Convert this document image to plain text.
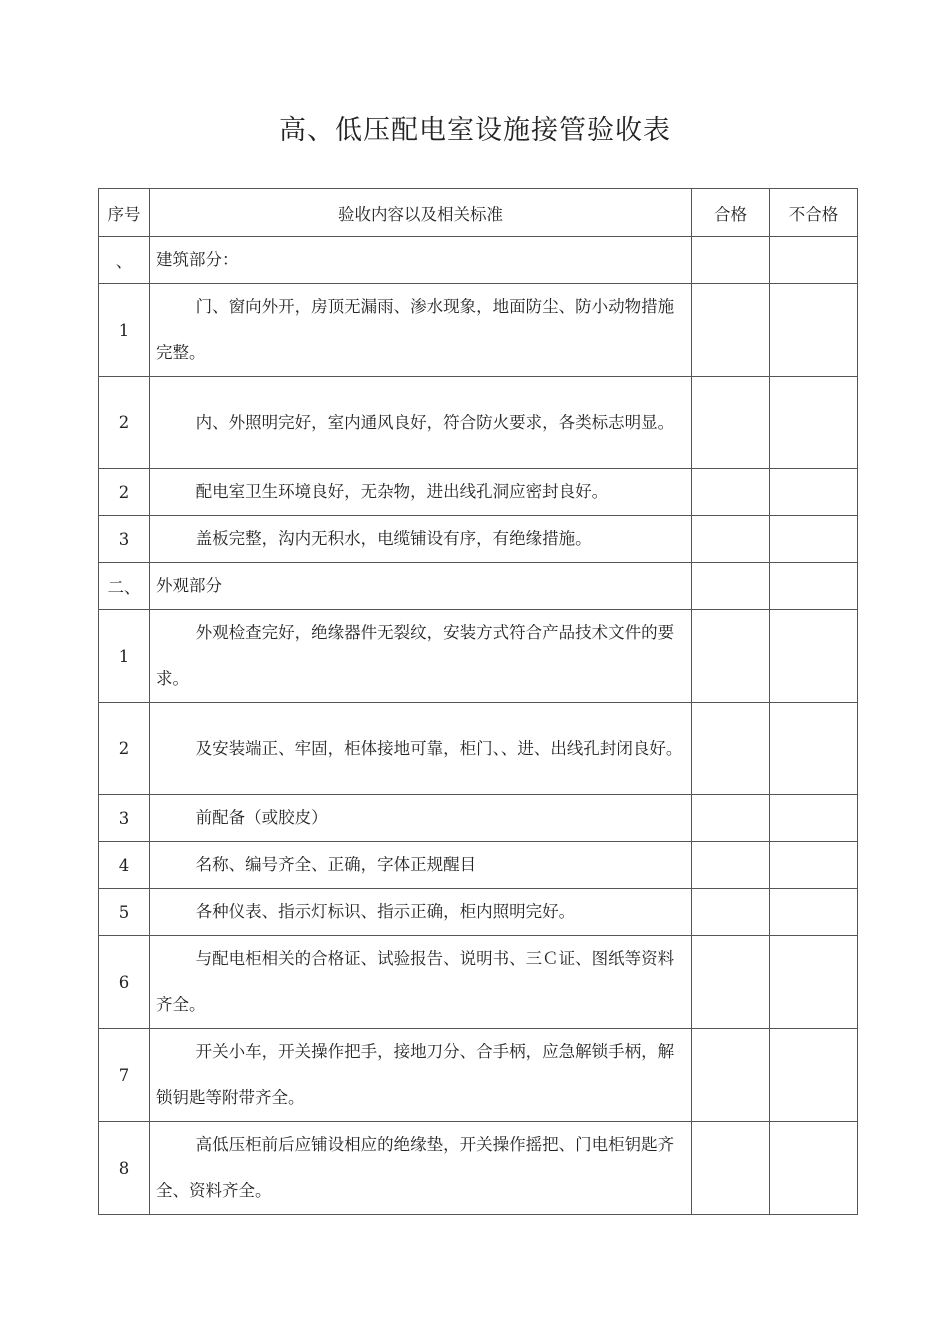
高、低压配电室设施接管验收表
序号	验收内容以及相关标准	合格	不合格
、	建筑部分：		

1	门、窗向外开，房顶无漏雨、渗水现象，地面防尘、防小动物措施完整。		

2	内、外照明完好，室内通风良好，符合防火要求，各类标志明显。		

2	配电室卫生环境良好，无杂物，进出线孔洞应密封良好。		

3	盖板完整，沟内无积水，电缆铺设有序，有绝缘措施。		

二、	外观部分		

1	外观检查完好，绝缘器件无裂纹，安装方式符合产品技术文件的要求。		

2	及安装端正、牢固，柜体接地可靠，柜门、、进、出线孔封闭良好。		

3	前配备（或胶皮）		

4	名称、编号齐全、正确，字体正规醒目		

5	各种仪表、指示灯标识、指示正确，柜内照明完好。		

6	与配电柜相关的合格证、试验报告、说明书、三Ｃ证、图纸等资料齐全。		

7	开关小车，开关操作把手，接地刀分、合手柄，应急解锁手柄，解锁钥匙等附带齐全。		

8	高低压柜前后应铺设相应的绝缘垫，开关操作摇把、门电柜钥匙齐全、资料齐全。		
